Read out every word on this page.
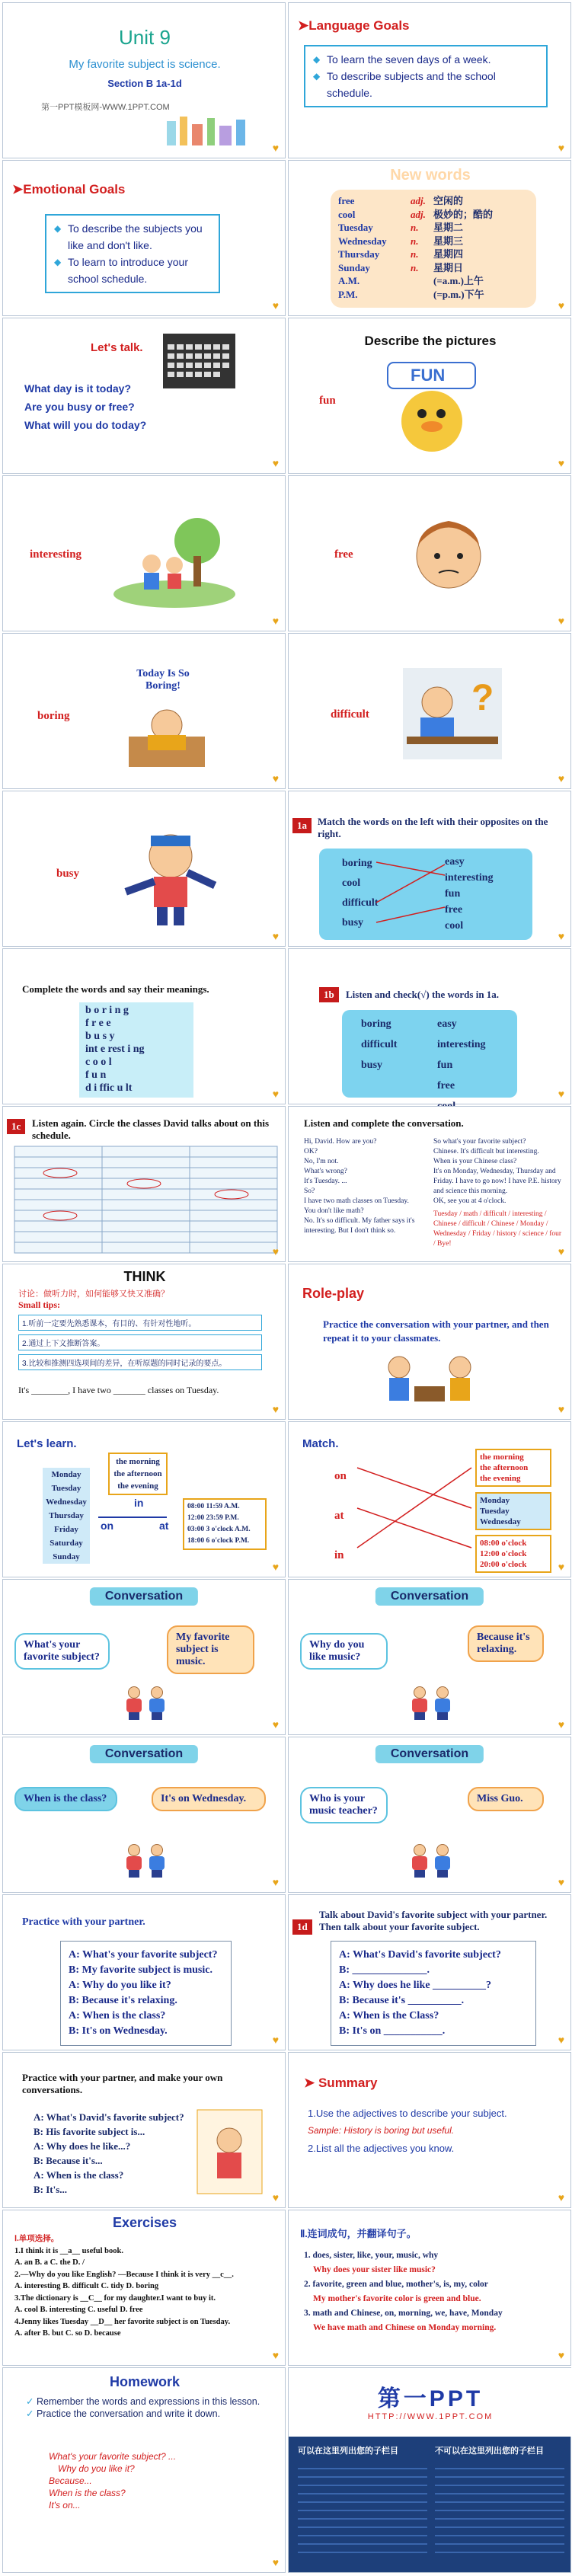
Unit 9
My favorite subject is science.
Section B 1a-1d
第一PPT模板网-WWW.1PPT.COM
♥
➤Language Goals
◆ To learn the seven days of a week.
◆ To describe subjects and the school schedule.
♥
➤Emotional Goals
◆ To describe the subjects you like and don't like.
◆ To learn to introduce your school schedule.
♥
New words
free	adj. 空闲的
cool	adj. 极妙的；酷的
Tuesday	n.	星期二
Wednesday	n.	星期三
Thursday	n.	星期四
Sunday	n.	星期日
A.M.	(=a.m.)上午
P.M.	(=p.m.)下午
♥
Let's talk.
What day is it today?
Are you busy or free?
What will you do today?
♥
Describe the pictures
fun
FUN
♥
interesting
♥
free
♥
boring
Today Is So Boring!
♥
difficult	?
♥
busy
♥
1a	Match the words on the left with their opposites on the right.
boring
cool
difficult
busy
easy
interesting
fun
free
cool
♥
Complete the words and say their meanings.
b o r i n g
f r e e
b u s y
int e rest i ng
c o o l
f u n
d i ffic u lt	♥
1b	Listen and check(√) the words in 1a.
boring	easy
difficult	interesting
busy	fun
free
♥
1c	Listen again. Circle the classes David talks about on this schedule.
♥
Listen and complete the conversation.
Hi, David. How are you?
OK?
No, I'm not.
What's wrong?
It's Tuesday. ...
So?
I have two math classes on Tuesday.
You don't like math?
No. It's so difficult. My father says it's interesting. But I don't think so.
So what's your favorite subject?
Chinese. It's difficult but interesting.
When is your Chinese class?
It's on Monday, Wednesday, Thursday and Friday. I have to go now! I have P.E. history and science this morning.
OK, see you at 4 o'clock.
Tuesday / math / difficult / interesting / Chinese / difficult / Chinese / Monday / Wednesday / Friday / history / science / four / Bye!
♥
THINK
讨论：做听力时，如何能够又快又准确？
Small tips:
1.听前一定要先熟悉课本，有目的、有针对性地听。
2.通过上下文推断答案。
3.比较和推测四选项间的差异，在听原题的同时记录的要点。
It's ________, I have two _______ classes on Tuesday.
♥
Role-play
Practice the conversation with your partner, and then repeat it to your classmates.
♥
Let's learn.
Monday
Tuesday
Wednesday
Thursday
Friday
Saturday
Sunday
the morning
the afternoon
the evening
in
on	at
08:00 11:59 A.M.
12:00 23:59 P.M.
03:00 3 o'clock A.M.
18:00 6 o'clock P.M.
♥
Match.
on
at
in
the morning
the afternoon
the evening
Monday
Tuesday
Wednesday
08:00 o'clock
12:00 o'clock
20:00 o'clock	♥
Conversation
What's your favorite subject?
My favorite subject is music.
♥
Conversation
Why do you like music?
Because it's relaxing.
♥
Conversation
When is the class?	It's on Wednesday.
♥
Conversation
Who is your music teacher?
Miss Guo.
♥
Practice with your partner.
A: What's your favorite subject?
B: My favorite subject is music.
A: Why do you like it?
B: Because it's relaxing.
A: When is the class?
B: It's on Wednesday.
♥
1d
Talk about David's favorite subject with your partner. Then talk about your favorite subject.
A: What's David's favorite subject?
B: ______________.
A: Why does he like __________?
B: Because it's __________.
A: When is the Class?
B: It's on ___________.
♥
Practice with your partner, and make your own conversations.
A: What's David's favorite subject?
B: His favorite subject is...
A: Why does he like...?
B: Because it's...
A: When is the class?
B: It's...
♥
➤ Summary
1.Use the adjectives to describe your subject.
Sample: History is boring but useful.
2.List all the adjectives you know.
♥
Exercises
Ⅰ.单项选择。
1.I think it is __a__ useful book.
A. an B. a C. the D. /
2.—Why do you like English? —Because I think it is very __c__.
A. interesting B. difficult C. tidy D. boring
3.The dictionary is __C__ for my daughter.I want to buy it.
A. cool B. interesting C. useful D. free
4.Jenny likes Tuesday __D__ her favorite subject is on Tuesday.
A. after B. but C. so D. because
♥
Ⅱ.连词成句，并翻译句子。
1. does, sister, like, your, music, why
Why does your sister like music?
2. favorite, green and blue, mother's, is, my, color
My mother's favorite color is green and blue.
3. math and Chinese, on, morning, we, have, Monday
We have math and Chinese on Monday morning.
♥
Homework
✓ Remember the words and expressions in this lesson.
✓ Practice the conversation and write it down.
What's your favorite subject? ...
Why do you like it?
Because...
When is the class?
It's on...
♥
第一PPT
HTTP://WWW.1PPT.COM
可以在这里列出您的子栏目	不可以在这里列出您的子栏目
